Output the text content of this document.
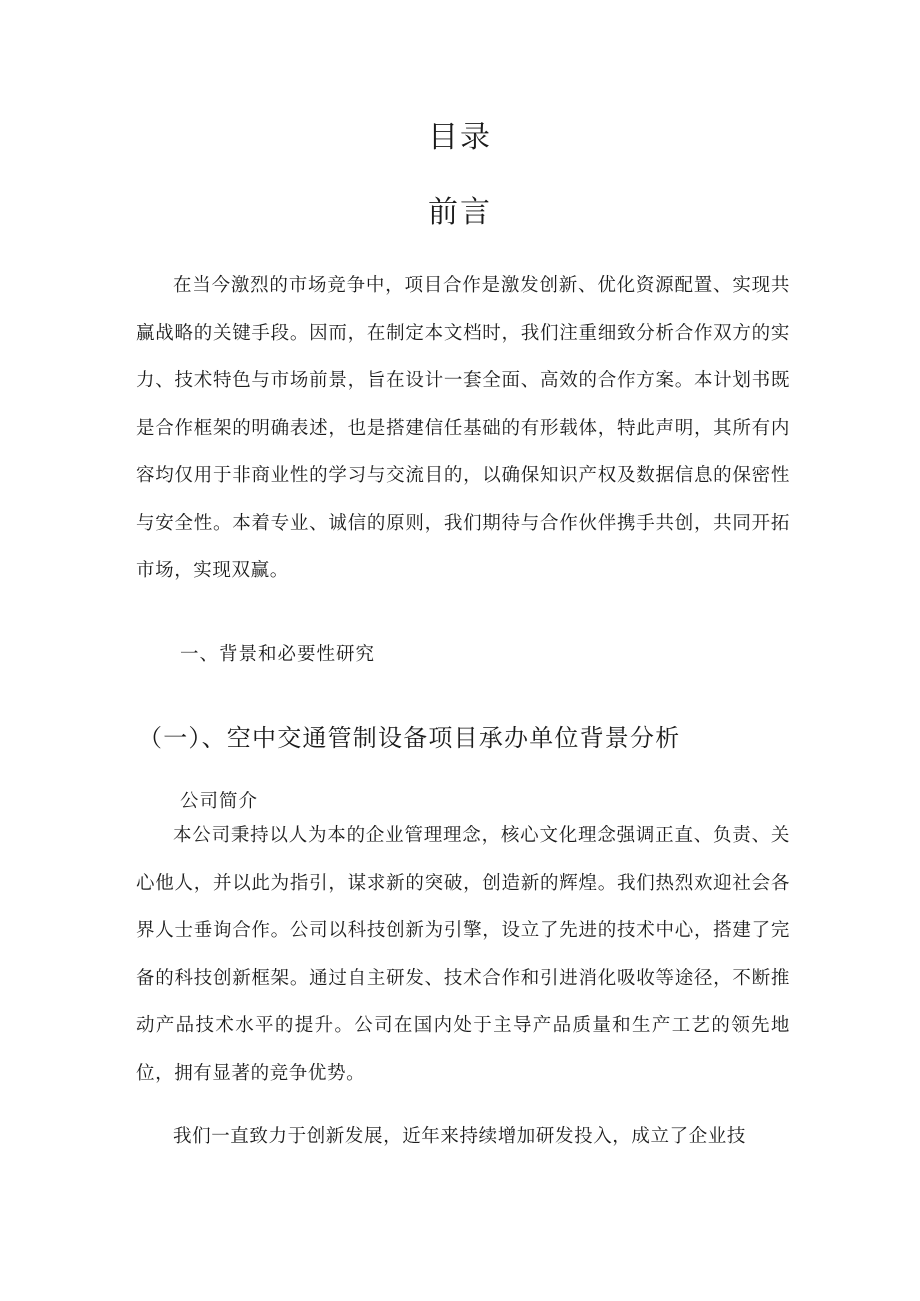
目录
前言

在当今激烈的市场竞争中，项目合作是激发创新、优化资源配置、实现共赢战略的关键手段。因而，在制定本文档时，我们注重细致分析合作双方的实力、技术特色与市场前景，旨在设计一套全面、高效的合作方案。本计划书既是合作框架的明确表述，也是搭建信任基础的有形载体，特此声明，其所有内容均仅用于非商业性的学习与交流目的，以确保知识产权及数据信息的保密性与安全性。本着专业、诚信的原则，我们期待与合作伙伴携手共创，共同开拓市场，实现双赢。

一、背景和必要性研究
（一）、空中交通管制设备项目承办单位背景分析
公司简介

本公司秉持以人为本的企业管理理念，核心文化理念强调正直、负责、关心他人，并以此为指引，谋求新的突破，创造新的辉煌。我们热烈欢迎社会各界人士垂询合作。公司以科技创新为引擎，设立了先进的技术中心，搭建了完备的科技创新框架。通过自主研发、技术合作和引进消化吸收等途径，不断推动产品技术水平的提升。公司在国内处于主导产品质量和生产工艺的领先地位，拥有显著的竞争优势。

我们一直致力于创新发展，近年来持续增加研发投入，成立了企业技
